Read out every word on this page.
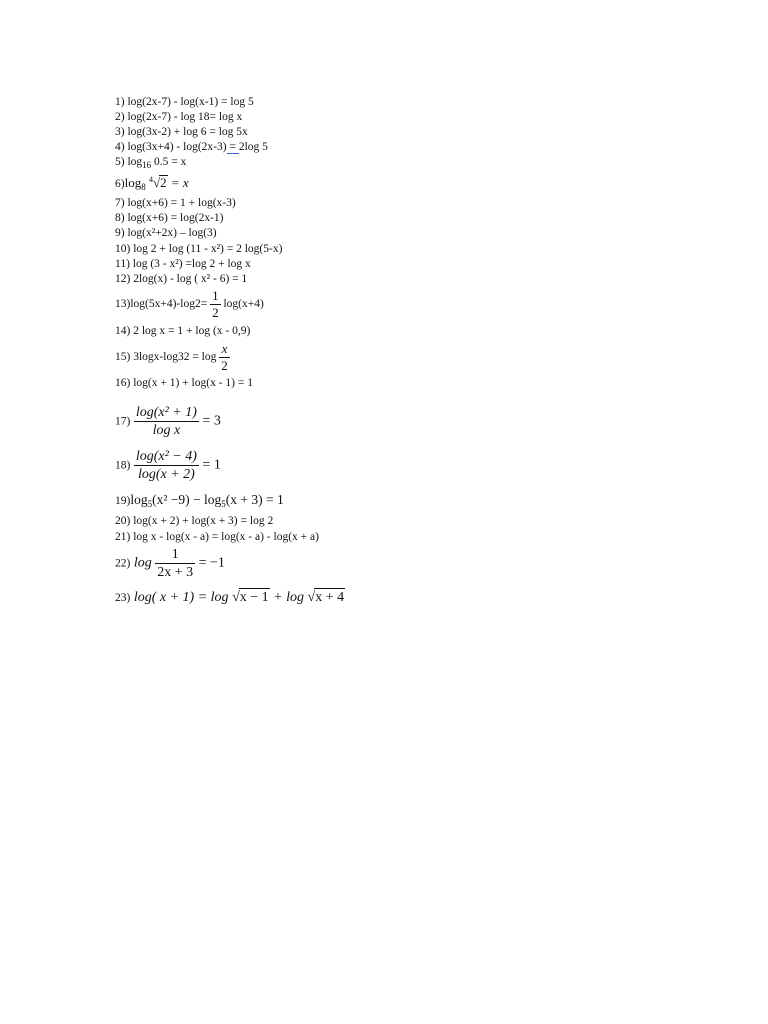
1) log(2x-7) - log(x-1) = log 5
2) log(2x-7) - log 18= log x
3) log(3x-2) + log 6 = log 5x
4) log(3x+4) - log(2x-3) = 2log 5
5) $\log_{16} 0.5 = x$
$6)\log_8$ $^4$√2 = x
7) log(x+6) = 1 + log(x-3)
8) log(x+6) = log(2x-1)
9) log(x²+2x) – log(3)
10) log 2 + log (11 - x²) = 2 log(5-x)
11) log (3 - x²) =log 2 + log x
12) 2log(x) - log ( x² - 6) = 1
$13)\log(5x+4)-\log 2= \frac{1}{2} \log(x+4)$
14) 2 log x = 1 + log (x - 0,9)
15) $3\log x-\log 32 = \log \frac{x}{2}$
16) log(x + 1) + log(x - 1) = 1
$17) \frac{\text{log(x² + 1)}}{\text{log x}} = 3$
$18) \frac{\text{log(x² − 4)}}{\log(x + 2)} = 1$
$19)\log_5(x^2 -9) - \log_5(x + 3) = 1$
20) log(x + 2) + log(x + 3) = log 2
21) log x - log(x - a) = log(x - a) - log(x + a)
22) $\log \frac{1}{2x + 3} = -1$
23) log( x + 1) = log √x − 1 + log √x + 4
